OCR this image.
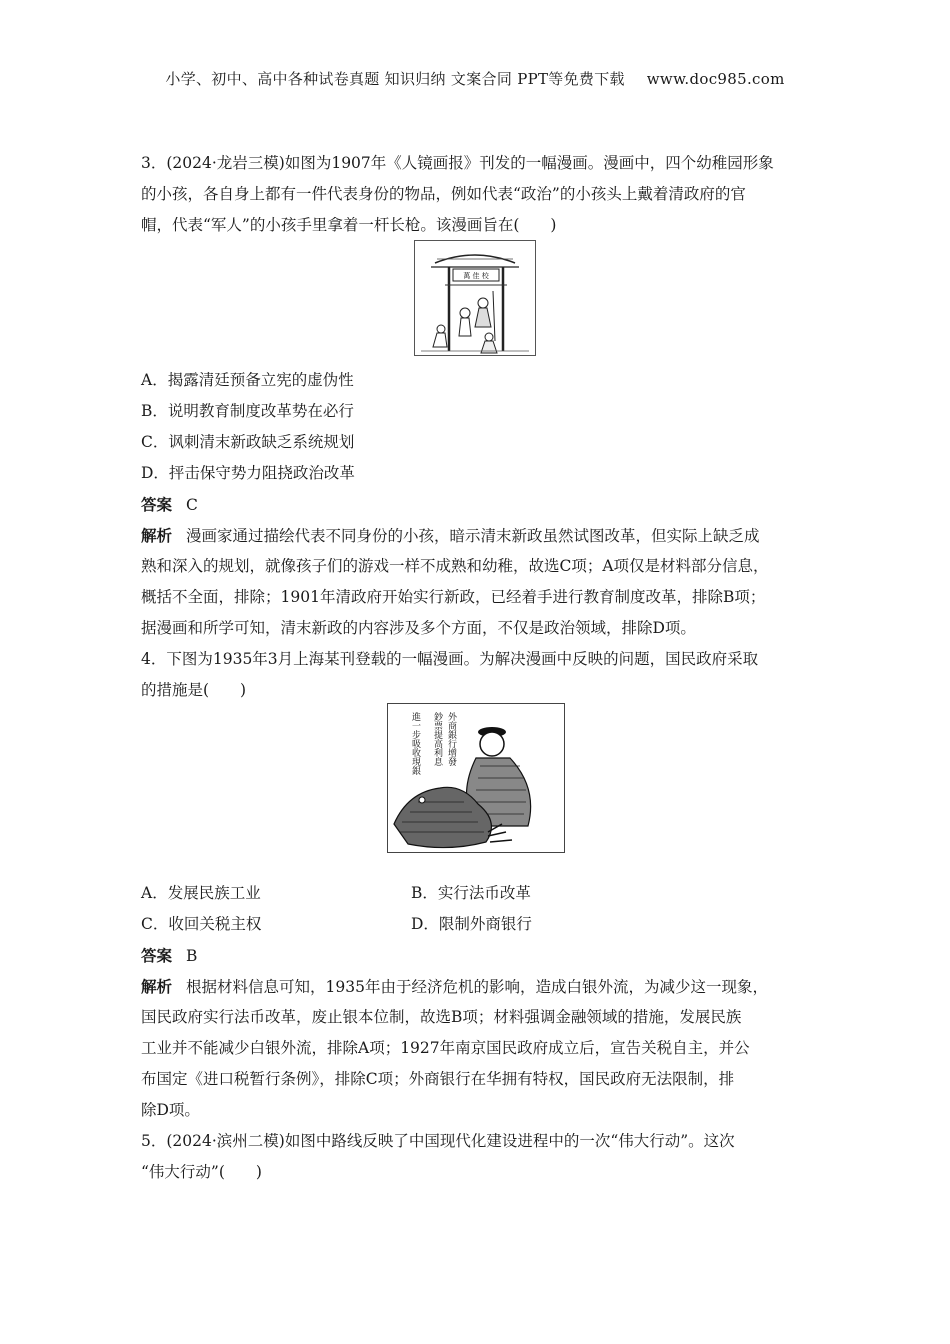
小学、初中、高中各种试卷真题 知识归纳 文案合同 PPT等免费下载 www.doc985.com
萬 佳 校
外商銀行增發
鈔票提高利息
進一步吸收現銀
3．(2024·龙岩三模)如图为1907年《人镜画报》刊发的一幅漫画。漫画中，四个幼稚园形象
的小孩，各自身上都有一件代表身份的物品，例如代表“政治”的小孩头上戴着清政府的官
帽，代表“军人”的小孩手里拿着一杆长枪。该漫画旨在(　　)
A．揭露清廷预备立宪的虚伪性
B．说明教育制度改革势在必行
C．讽刺清末新政缺乏系统规划
D．抨击保守势力阻挠政治改革
答案 C
解析 漫画家通过描绘代表不同身份的小孩，暗示清末新政虽然试图改革，但实际上缺乏成
熟和深入的规划，就像孩子们的游戏一样不成熟和幼稚，故选C项；A项仅是材料部分信息，
概括不全面，排除；1901年清政府开始实行新政，已经着手进行教育制度改革，排除B项；
据漫画和所学可知，清末新政的内容涉及多个方面，不仅是政治领域，排除D项。
4．下图为1935年3月上海某刊登载的一幅漫画。为解决漫画中反映的问题，国民政府采取
的措施是(　　)
A．发展民族工业	B．实行法币改革
C．收回关税主权	D．限制外商银行
答案 B
解析 根据材料信息可知，1935年由于经济危机的影响，造成白银外流，为减少这一现象，
国民政府实行法币改革，废止银本位制，故选B项；材料强调金融领域的措施，发展民族
工业并不能减少白银外流，排除A项；1927年南京国民政府成立后，宣告关税自主，并公
布国定《进口税暂行条例》，排除C项；外商银行在华拥有特权，国民政府无法限制，排
除D项。
5．(2024·滨州二模)如图中路线反映了中国现代化建设进程中的一次“伟大行动”。这次
“伟大行动”(　　)
